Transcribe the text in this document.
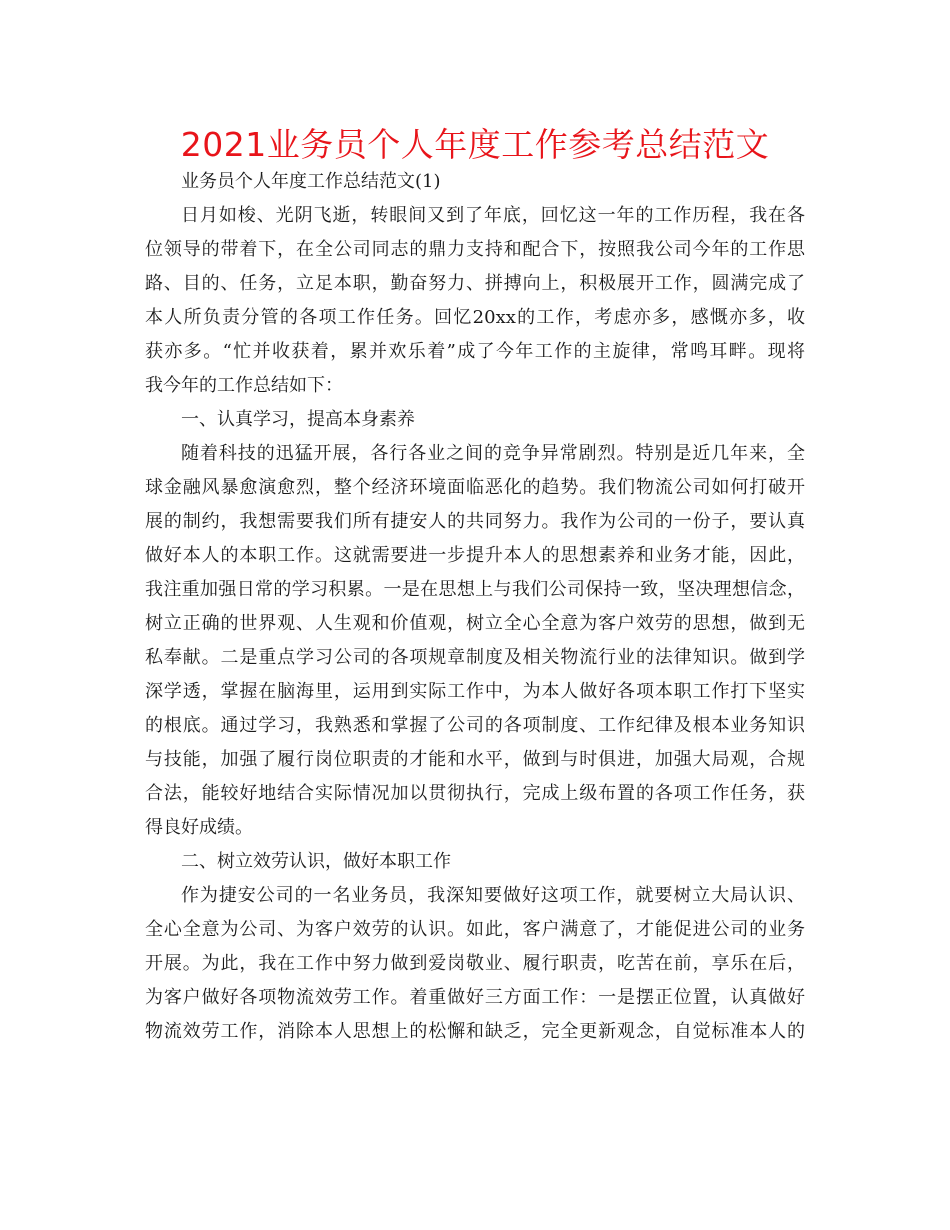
2021业务员个人年度工作参考总结范文
业务员个人年度工作总结范文(1)
日月如梭、光阴飞逝，转眼间又到了年底，回忆这一年的工作历程，我在各
位领导的带着下，在全公司同志的鼎力支持和配合下，按照我公司今年的工作思
路、目的、任务，立足本职，勤奋努力、拼搏向上，积极展开工作，圆满完成了
本人所负责分管的各项工作任务。回忆20xx的工作，考虑亦多，感慨亦多，收
获亦多。“忙并收获着，累并欢乐着”成了今年工作的主旋律，常鸣耳畔。现将
我今年的工作总结如下：
一、认真学习，提高本身素养
随着科技的迅猛开展，各行各业之间的竞争异常剧烈。特别是近几年来，全
球金融风暴愈演愈烈，整个经济环境面临恶化的趋势。我们物流公司如何打破开
展的制约，我想需要我们所有捷安人的共同努力。我作为公司的一份子，要认真
做好本人的本职工作。这就需要进一步提升本人的思想素养和业务才能，因此，
我注重加强日常的学习积累。一是在思想上与我们公司保持一致，坚决理想信念，
树立正确的世界观、人生观和价值观，树立全心全意为客户效劳的思想，做到无
私奉献。二是重点学习公司的各项规章制度及相关物流行业的法律知识。做到学
深学透，掌握在脑海里，运用到实际工作中，为本人做好各项本职工作打下坚实
的根底。通过学习，我熟悉和掌握了公司的各项制度、工作纪律及根本业务知识
与技能，加强了履行岗位职责的才能和水平，做到与时俱进，加强大局观，合规
合法，能较好地结合实际情况加以贯彻执行，完成上级布置的各项工作任务，获
得良好成绩。
二、树立效劳认识，做好本职工作
作为捷安公司的一名业务员，我深知要做好这项工作，就要树立大局认识、
全心全意为公司、为客户效劳的认识。如此，客户满意了，才能促进公司的业务
开展。为此，我在工作中努力做到爱岗敬业、履行职责，吃苦在前，享乐在后，
为客户做好各项物流效劳工作。着重做好三方面工作：一是摆正位置，认真做好
物流效劳工作，消除本人思想上的松懈和缺乏，完全更新观念，自觉标准本人的
